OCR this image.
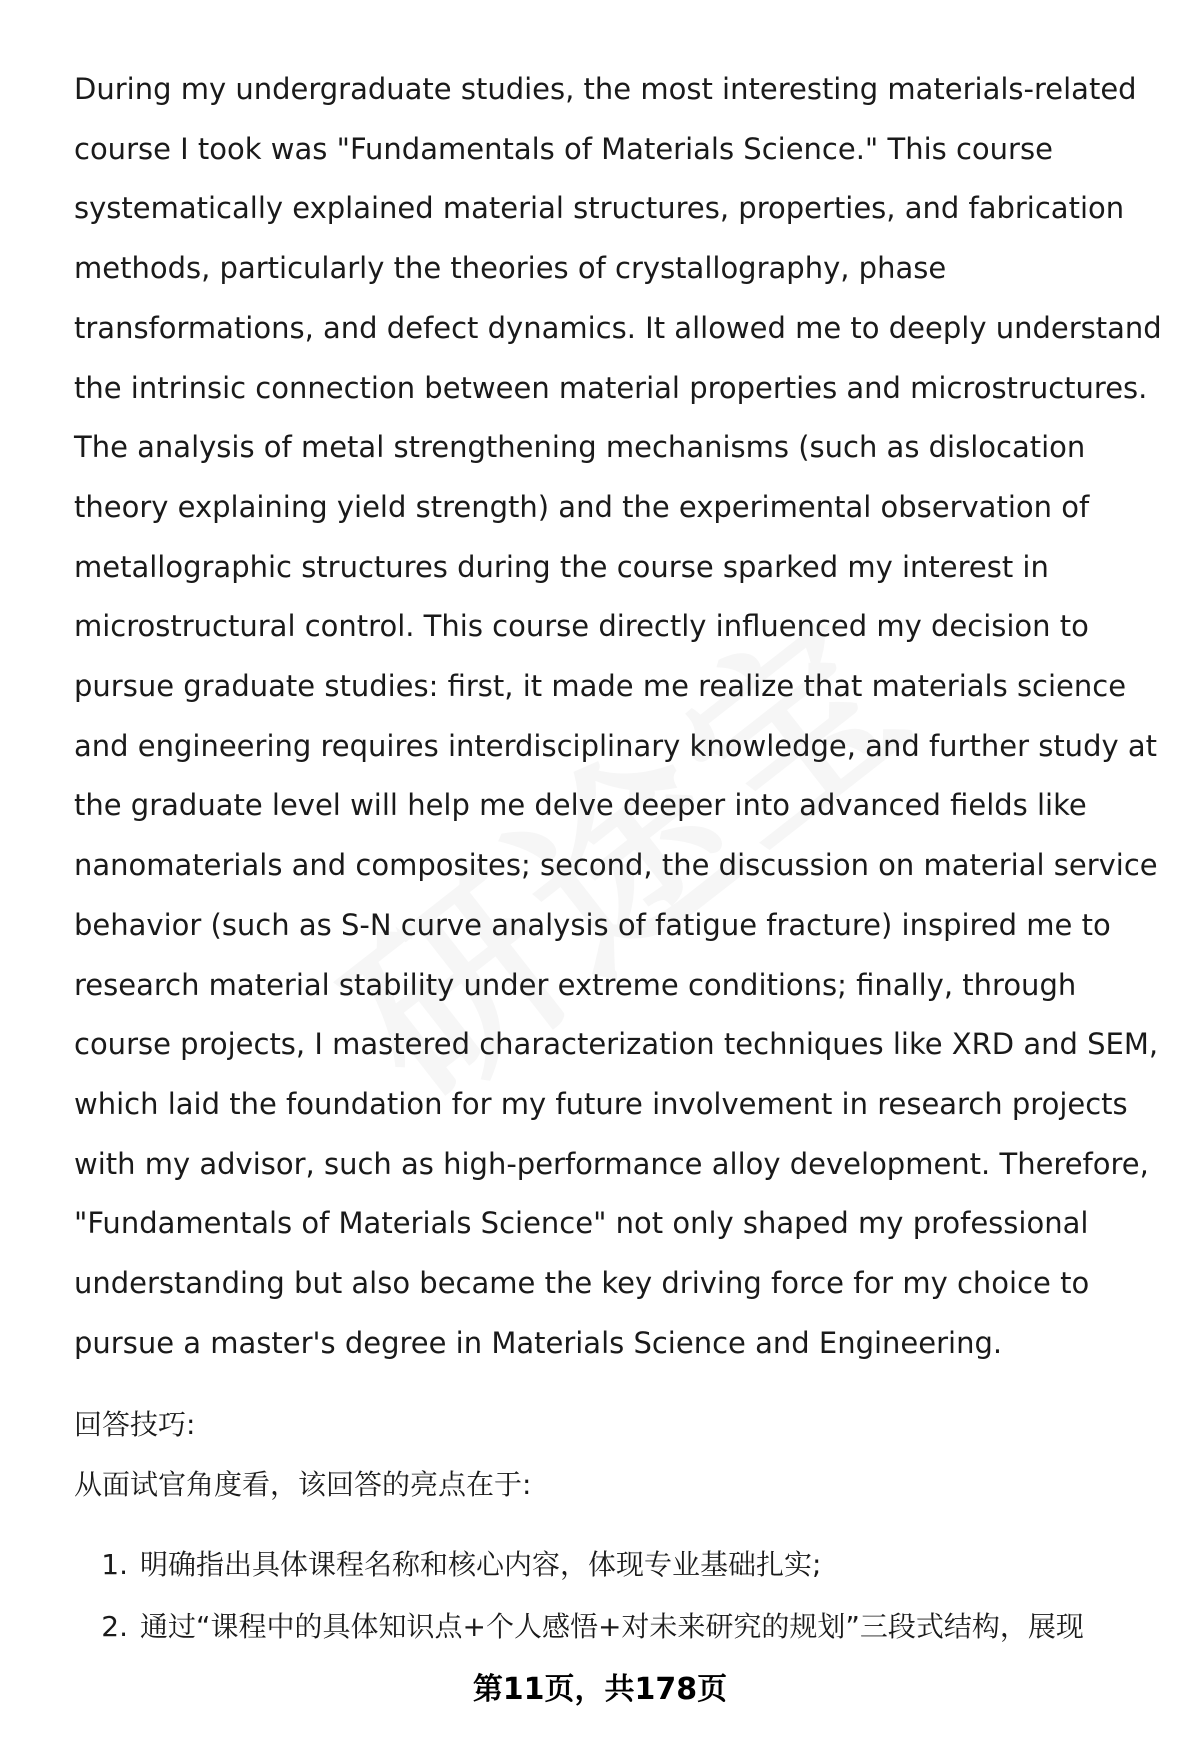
During my undergraduate studies, the most interesting materials-related course I took was "Fundamentals of Materials Science." This course systematically explained material structures, properties, and fabrication methods, particularly the theories of crystallography, phase transformations, and defect dynamics. It allowed me to deeply understand the intrinsic connection between material properties and microstructures. The analysis of metal strengthening mechanisms (such as dislocation theory explaining yield strength) and the experimental observation of metallographic structures during the course sparked my interest in microstructural control. This course directly influenced my decision to pursue graduate studies: first, it made me realize that materials science and engineering requires interdisciplinary knowledge, and further study at the graduate level will help me delve deeper into advanced fields like nanomaterials and composites; second, the discussion on material service behavior (such as S-N curve analysis of fatigue fracture) inspired me to research material stability under extreme conditions; finally, through course projects, I mastered characterization techniques like XRD and SEM, which laid the foundation for my future involvement in research projects with my advisor, such as high-performance alloy development. Therefore, "Fundamentals of Materials Science" not only shaped my professional understanding but also became the key driving force for my choice to pursue a master's degree in Materials Science and Engineering.

回答技巧:

从面试官角度看，该回答的亮点在于:

1. 明确指出具体课程名称和核心内容，体现专业基础扎实;
2. 通过“课程中的具体知识点+个人感悟+对未来研究的规划”三段式结构，展现
第11页，共178页
